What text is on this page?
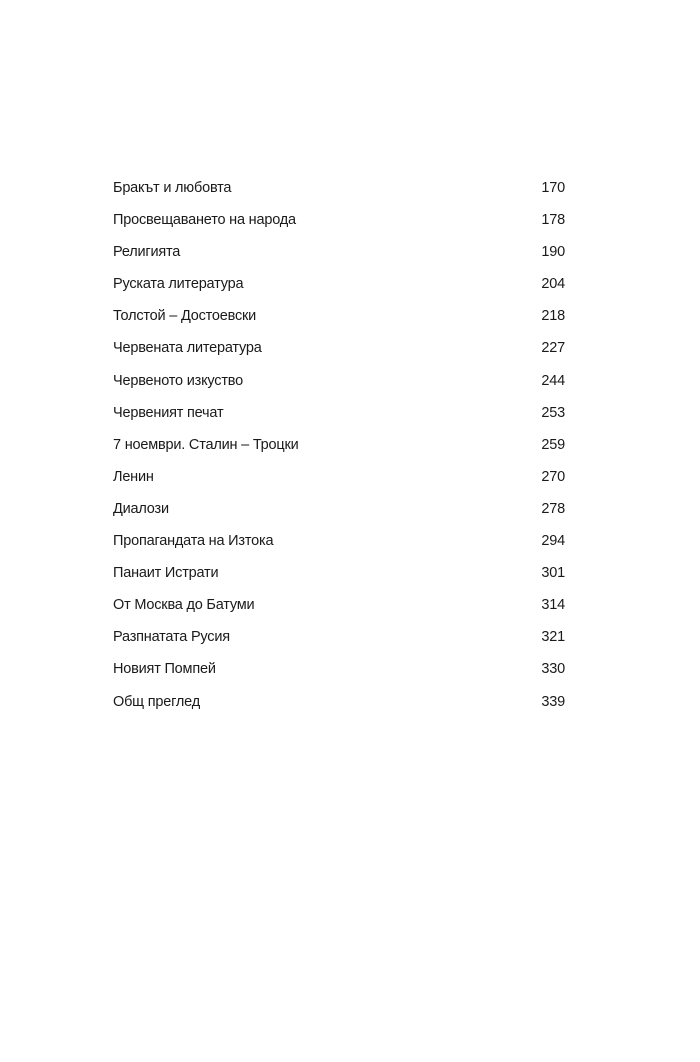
Бракът и любовта	170
Просвещаването на народа	178
Религията	190
Руската литература	204
Толстой – Достоевски	218
Червената литература	227
Червеното изкуство	244
Червеният печат	253
7 ноември. Сталин – Троцки	259
Ленин	270
Диалози	278
Пропагандата на Изтока	294
Панаит Истрати	301
От Москва до Батуми	314
Разпнатата Русия	321
Новият Помпей	330
Общ преглед	339
